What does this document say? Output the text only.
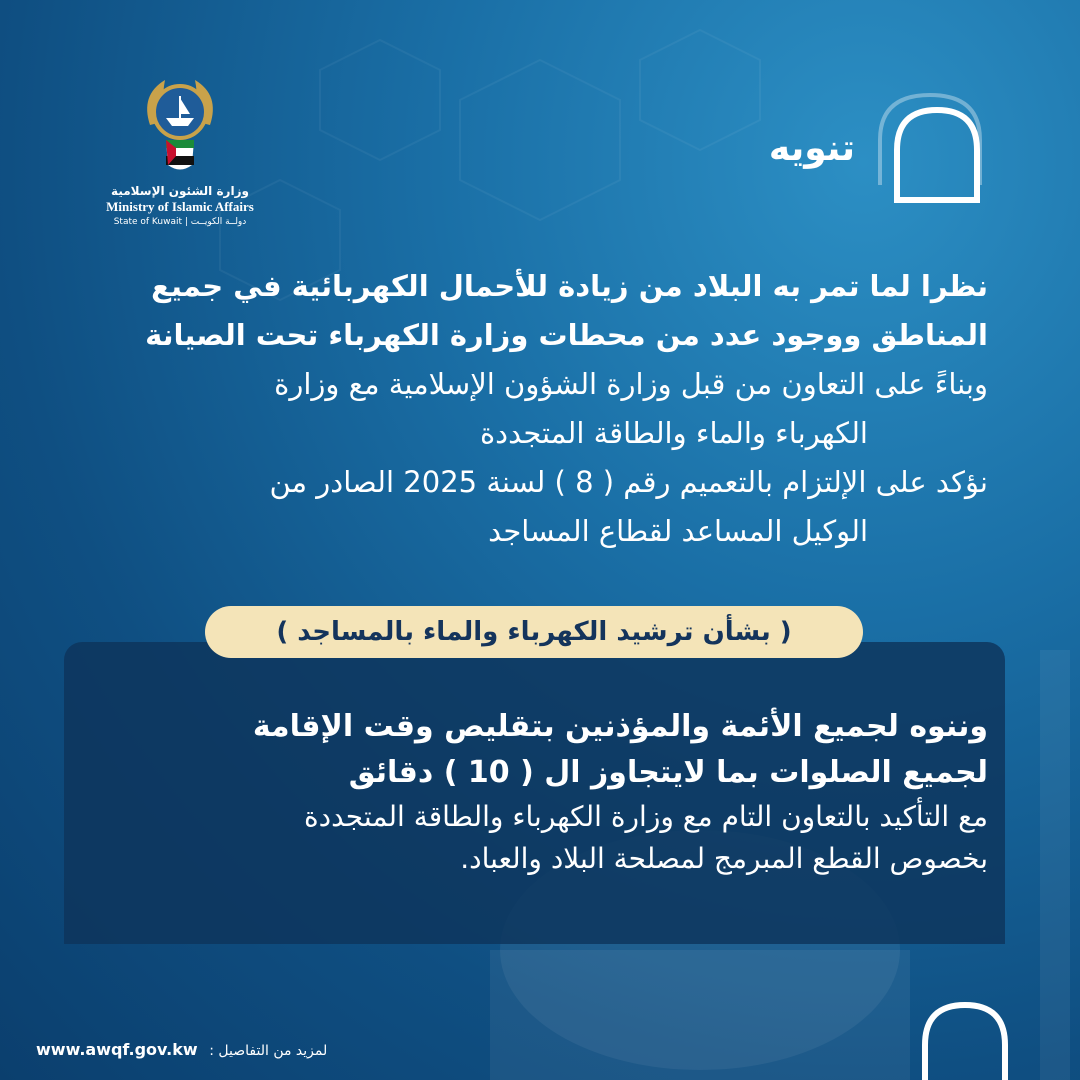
وزارة الشئون الإسلامية
Ministry of Islamic Affairs
State of Kuwait | دولــة الكويــت
تنويه
نظرا لما تمر به البلاد من زيادة للأحمال الكهربائية في جميع
المناطق ووجود عدد من محطات وزارة الكهرباء تحت الصيانة
وبناءً على التعاون من قبل وزارة الشؤون الإسلامية مع وزارة
الكهرباء والماء والطاقة المتجددة
نؤكد على الإلتزام بالتعميم رقم ( 8 ) لسنة 2025 الصادر من
الوكيل المساعد لقطاع المساجد
( بشأن ترشيد الكهرباء والماء بالمساجد )
وننوه لجميع الأئمة والمؤذنين بتقليص وقت الإقامة
لجميع الصلوات بما لايتجاوز ال ( 10 ) دقائق
مع التأكيد بالتعاون التام مع وزارة الكهرباء والطاقة المتجددة
بخصوص القطع المبرمج لمصلحة البلاد والعباد.
www.awqf.gov.kw : لمزيد من التفاصيل
